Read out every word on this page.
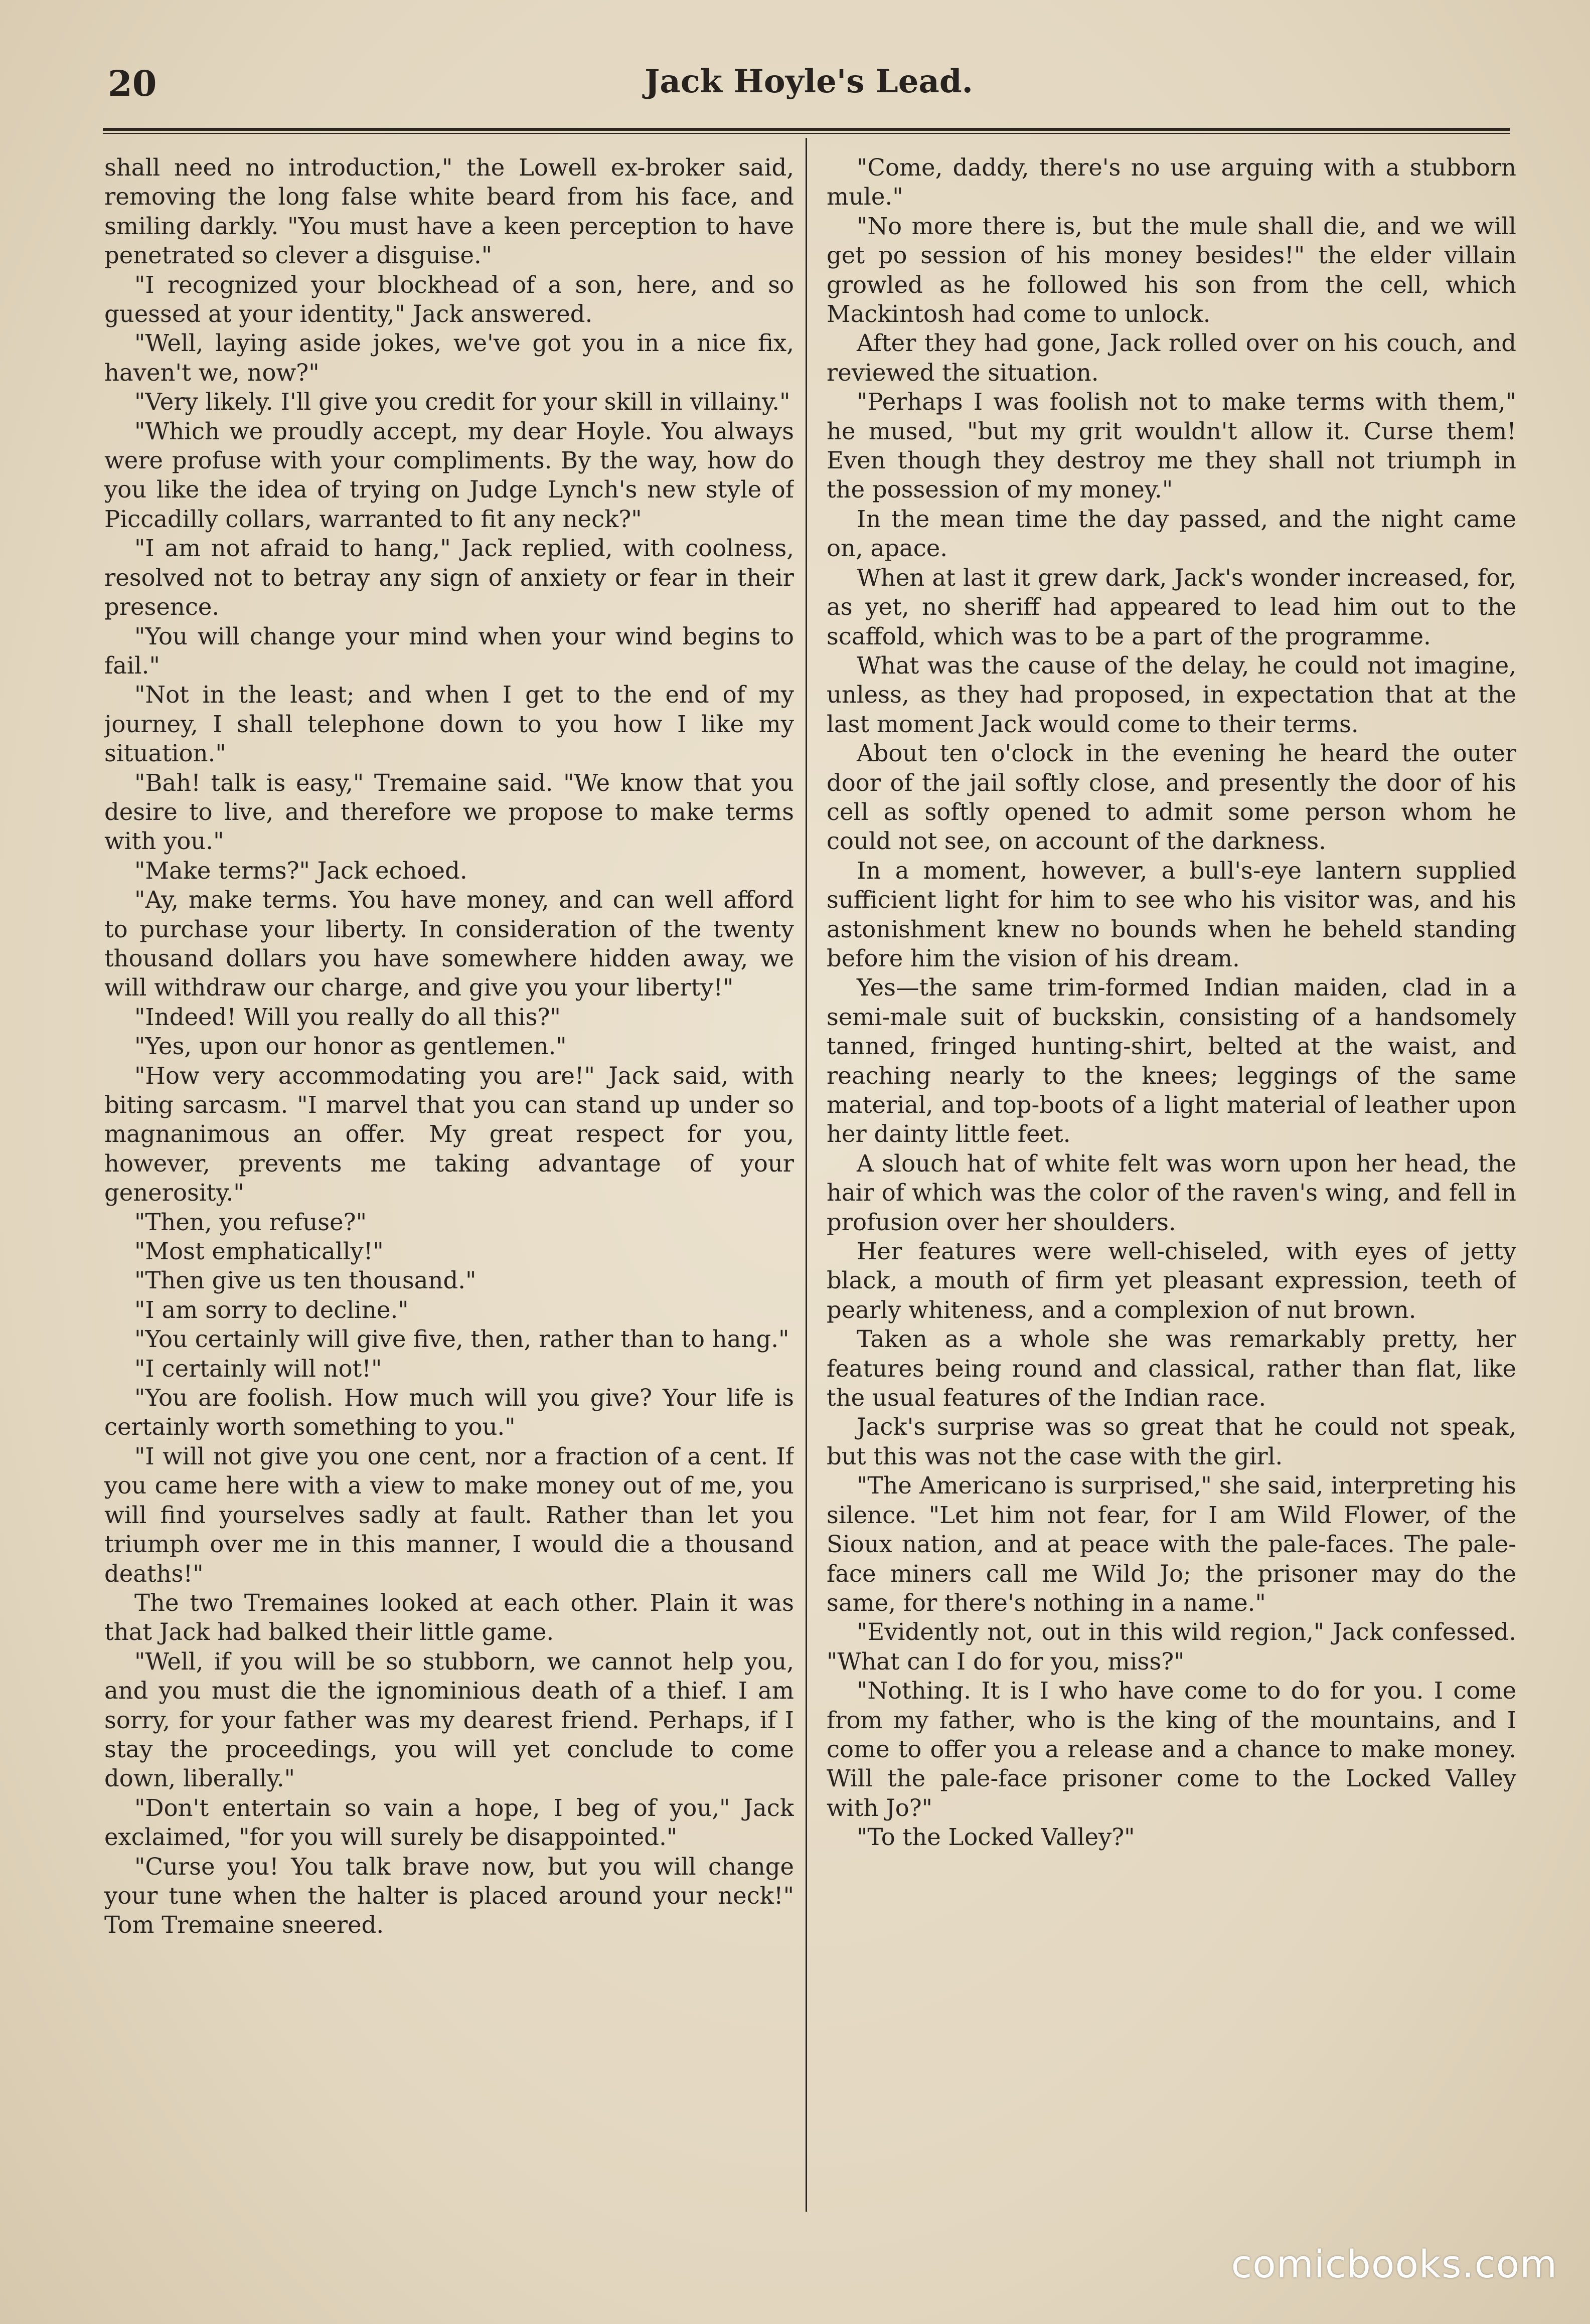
20	Jack Hoyle's Lead.

shall need no introduction," the Lowell ex-broker said, removing the long false white beard from his face, and smiling darkly. "You must have a keen perception to have penetrated so clever a disguise."

"I recognized your blockhead of a son, here, and so guessed at your identity," Jack answered.

"Well, laying aside jokes, we've got you in a nice fix, haven't we, now?"

"Very likely. I'll give you credit for your skill in villainy."

"Which we proudly accept, my dear Hoyle. You always were profuse with your compliments. By the way, how do you like the idea of trying on Judge Lynch's new style of Piccadilly collars, warranted to fit any neck?"

"I am not afraid to hang," Jack replied, with coolness, resolved not to betray any sign of anxiety or fear in their presence.

"You will change your mind when your wind begins to fail."

"Not in the least; and when I get to the end of my journey, I shall telephone down to you how I like my situation."

"Bah! talk is easy," Tremaine said. "We know that you desire to live, and therefore we propose to make terms with you."

"Make terms?" Jack echoed.

"Ay, make terms. You have money, and can well afford to purchase your liberty. In consideration of the twenty thousand dollars you have somewhere hidden away, we will withdraw our charge, and give you your liberty!"

"Indeed! Will you really do all this?"

"Yes, upon our honor as gentlemen."

"How very accommodating you are!" Jack said, with biting sarcasm. "I marvel that you can stand up under so magnanimous an offer. My great respect for you, however, prevents me taking advantage of your generosity."

"Then, you refuse?"

"Most emphatically!"

"Then give us ten thousand."

"I am sorry to decline."

"You certainly will give five, then, rather than to hang."

"I certainly will not!"

"You are foolish. How much will you give? Your life is certainly worth something to you."

"I will not give you one cent, nor a fraction of a cent. If you came here with a view to make money out of me, you will find yourselves sadly at fault. Rather than let you triumph over me in this manner, I would die a thousand deaths!"

The two Tremaines looked at each other. Plain it was that Jack had balked their little game.

"Well, if you will be so stubborn, we cannot help you, and you must die the ignominious death of a thief. I am sorry, for your father was my dearest friend. Perhaps, if I stay the proceedings, you will yet conclude to come down, liberally."

"Don't entertain so vain a hope, I beg of you," Jack exclaimed, "for you will surely be disappointed."

"Curse you! You talk brave now, but you will change your tune when the halter is placed around your neck!" Tom Tremaine sneered.

"Come, daddy, there's no use arguing with a stubborn mule."

"No more there is, but the mule shall die, and we will get po session of his money besides!" the elder villain growled as he followed his son from the cell, which Mackintosh had come to unlock.

After they had gone, Jack rolled over on his couch, and reviewed the situation.

"Perhaps I was foolish not to make terms with them," he mused, "but my grit wouldn't allow it. Curse them! Even though they destroy me they shall not triumph in the possession of my money."

In the mean time the day passed, and the night came on, apace.

When at last it grew dark, Jack's wonder increased, for, as yet, no sheriff had appeared to lead him out to the scaffold, which was to be a part of the programme.

What was the cause of the delay, he could not imagine, unless, as they had proposed, in expectation that at the last moment Jack would come to their terms.

About ten o'clock in the evening he heard the outer door of the jail softly close, and presently the door of his cell as softly opened to admit some person whom he could not see, on account of the darkness.

In a moment, however, a bull's-eye lantern supplied sufficient light for him to see who his visitor was, and his astonishment knew no bounds when he beheld standing before him the vision of his dream.

Yes—the same trim-formed Indian maiden, clad in a semi-male suit of buckskin, consisting of a handsomely tanned, fringed hunting-shirt, belted at the waist, and reaching nearly to the knees; leggings of the same material, and top-boots of a light material of leather upon her dainty little feet.

A slouch hat of white felt was worn upon her head, the hair of which was the color of the raven's wing, and fell in profusion over her shoulders.

Her features were well-chiseled, with eyes of jetty black, a mouth of firm yet pleasant expression, teeth of pearly whiteness, and a complexion of nut brown.

Taken as a whole she was remarkably pretty, her features being round and classical, rather than flat, like the usual features of the Indian race.

Jack's surprise was so great that he could not speak, but this was not the case with the girl.

"The Americano is surprised," she said, interpreting his silence. "Let him not fear, for I am Wild Flower, of the Sioux nation, and at peace with the pale-faces. The pale-face miners call me Wild Jo; the prisoner may do the same, for there's nothing in a name."

"Evidently not, out in this wild region," Jack confessed. "What can I do for you, miss?"

"Nothing. It is I who have come to do for you. I come from my father, who is the king of the mountains, and I come to offer you a release and a chance to make money. Will the pale-face prisoner come to the Locked Valley with Jo?"

"To the Locked Valley?"

comicbooks.com
